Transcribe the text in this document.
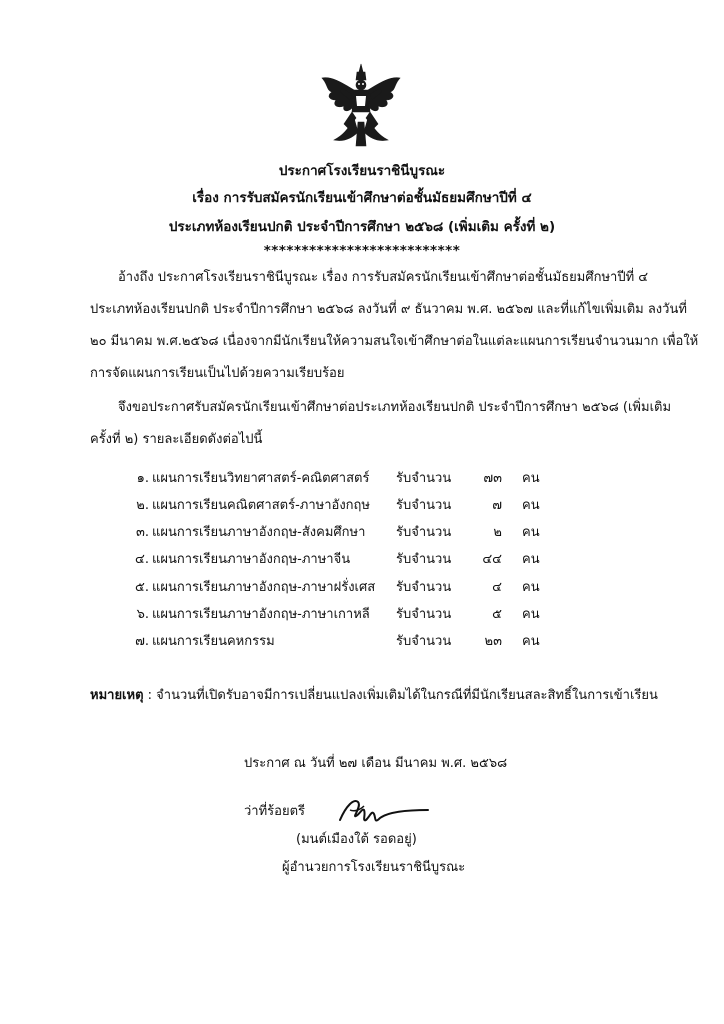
ประกาศโรงเรียนราชินีบูรณะ
เรื่อง การรับสมัครนักเรียนเข้าศึกษาต่อชั้นมัธยมศึกษาปีที่ ๔
ประเภทห้องเรียนปกติ ประจำปีการศึกษา ๒๕๖๘ (เพิ่มเติม ครั้งที่ ๒)
**************************
อ้างถึง ประกาศโรงเรียนราชินีบูรณะ เรื่อง การรับสมัครนักเรียนเข้าศึกษาต่อชั้นมัธยมศึกษาปีที่ ๔
ประเภทห้องเรียนปกติ ประจำปีการศึกษา ๒๕๖๘ ลงวันที่ ๙ ธันวาคม พ.ศ. ๒๕๖๗ และที่แก้ไขเพิ่มเติม ลงวันที่
๒๐ มีนาคม พ.ศ.๒๕๖๘ เนื่องจากมีนักเรียนให้ความสนใจเข้าศึกษาต่อในแต่ละแผนการเรียนจำนวนมาก เพื่อให้
การจัดแผนการเรียนเป็นไปด้วยความเรียบร้อย
จึงขอประกาศรับสมัครนักเรียนเข้าศึกษาต่อประเภทห้องเรียนปกติ ประจำปีการศึกษา ๒๕๖๘ (เพิ่มเติม
ครั้งที่ ๒) รายละเอียดดังต่อไปนี้
๑. แผนการเรียนวิทยาศาสตร์-คณิตศาสตร์ รับจำนวน	๗๓ คน
๒. แผนการเรียนคณิตศาสตร์-ภาษาอังกฤษ รับจำนวน	๗ คน
๓. แผนการเรียนภาษาอังกฤษ-สังคมศึกษา รับจำนวน	๒ คน
๔. แผนการเรียนภาษาอังกฤษ-ภาษาจีน	รับจำนวน	๔๔ คน
๕. แผนการเรียนภาษาอังกฤษ-ภาษาฝรั่งเศส รับจำนวน	๔ คน
๖. แผนการเรียนภาษาอังกฤษ-ภาษาเกาหลี รับจำนวน	๕ คน
๗. แผนการเรียนคหกรรม	รับจำนวน	๒๓ คน
หมายเหตุ : จำนวนที่เปิดรับอาจมีการเปลี่ยนแปลงเพิ่มเติมได้ในกรณีที่มีนักเรียนสละสิทธิ์ในการเข้าเรียน
ประกาศ ณ วันที่ ๒๗ เดือน มีนาคม พ.ศ. ๒๕๖๘
ว่าที่ร้อยตรี
(มนต์เมืองใต้ รอดอยู่)
ผู้อำนวยการโรงเรียนราชินีบูรณะ
